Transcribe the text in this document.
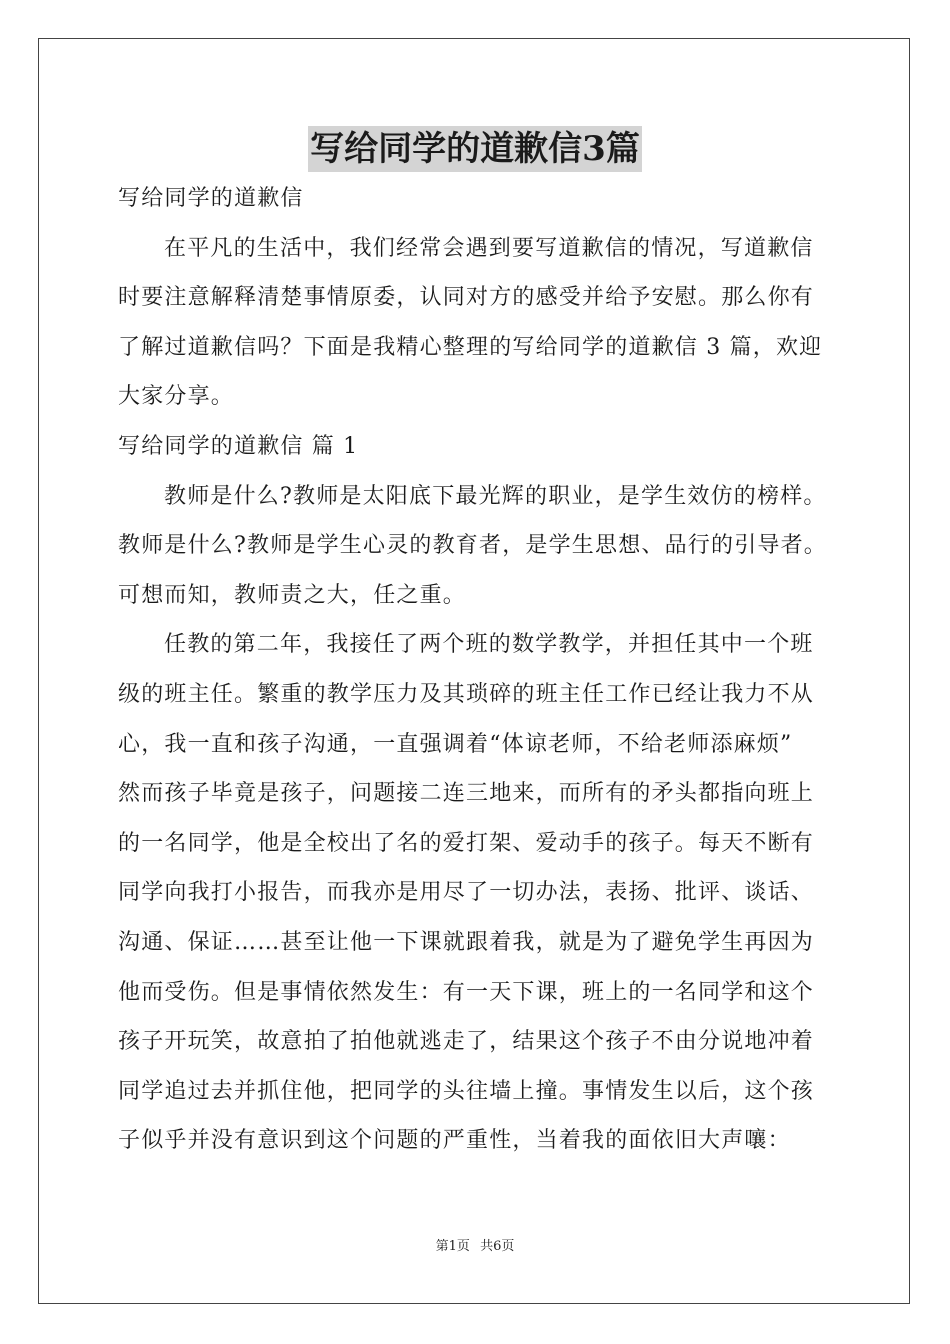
写给同学的道歉信3篇
写给同学的道歉信
在平凡的生活中，我们经常会遇到要写道歉信的情况，写道歉信
时要注意解释清楚事情原委，认同对方的感受并给予安慰。那么你有
了解过道歉信吗？下面是我精心整理的写给同学的道歉信 3 篇，欢迎
大家分享。
写给同学的道歉信 篇 1
教师是什么?教师是太阳底下最光辉的职业，是学生效仿的榜样。
教师是什么?教师是学生心灵的教育者，是学生思想、品行的引导者。
可想而知，教师责之大，任之重。
任教的第二年，我接任了两个班的数学教学，并担任其中一个班
级的班主任。繁重的教学压力及其琐碎的班主任工作已经让我力不从
心，我一直和孩子沟通，一直强调着“体谅老师，不给老师添麻烦”
然而孩子毕竟是孩子，问题接二连三地来，而所有的矛头都指向班上
的一名同学，他是全校出了名的爱打架、爱动手的孩子。每天不断有
同学向我打小报告，而我亦是用尽了一切办法，表扬、批评、谈话、
沟通、保证……甚至让他一下课就跟着我，就是为了避免学生再因为
他而受伤。但是事情依然发生：有一天下课，班上的一名同学和这个
孩子开玩笑，故意拍了拍他就逃走了，结果这个孩子不由分说地冲着
同学追过去并抓住他，把同学的头往墙上撞。事情发生以后，这个孩
子似乎并没有意识到这个问题的严重性，当着我的面依旧大声嚷：
第1页 共6页
